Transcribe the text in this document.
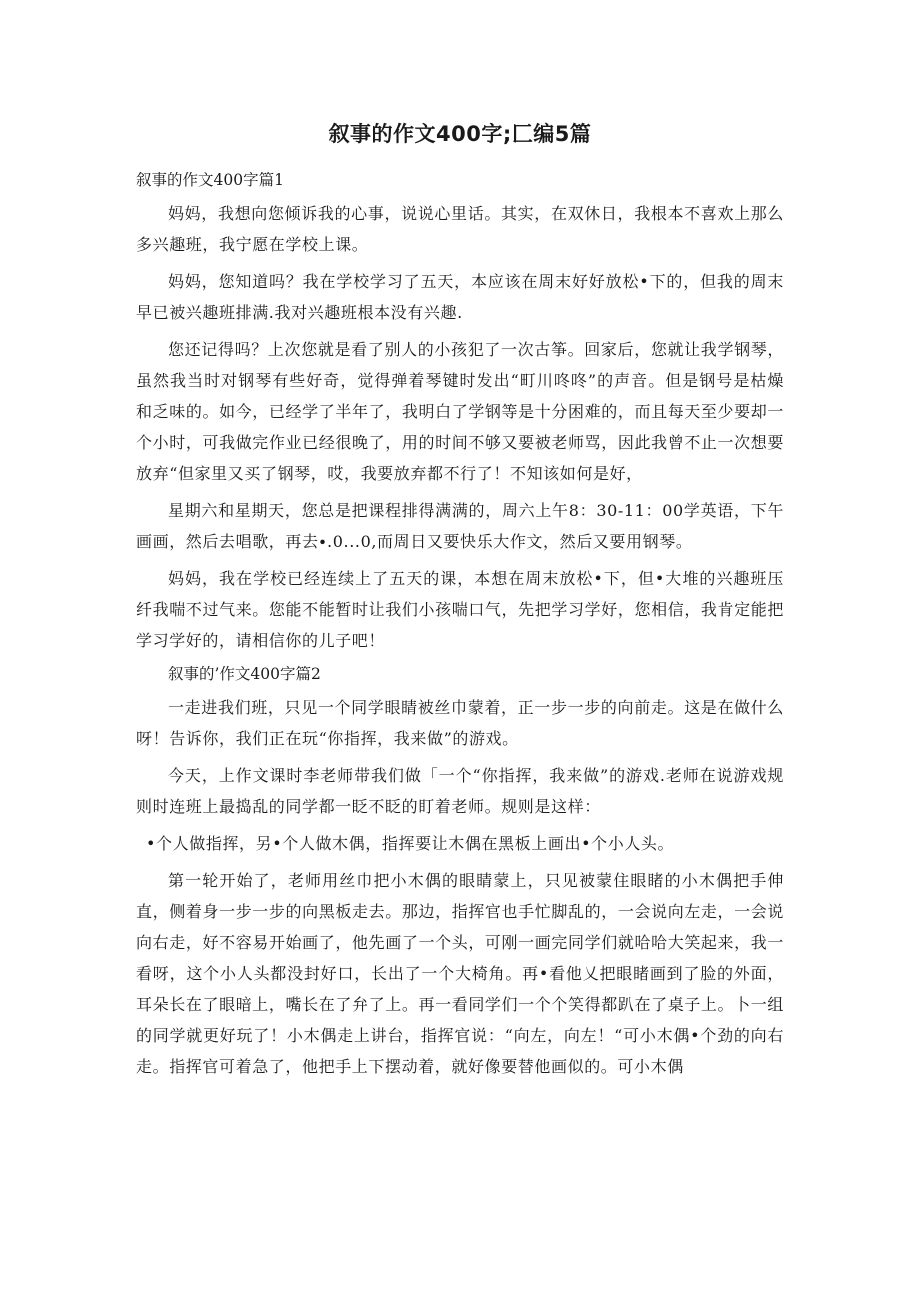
叙事的作文400字;匚编5篇
叙事的作文400字篇1

妈妈，我想向您倾诉我的心事，说说心里话。其实，在双休日，我根本不喜欢上那么多兴趣班，我宁愿在学校上课。

妈妈，您知道吗？我在学校学习了五天，本应该在周末好好放松•下的，但我的周末早已被兴趣班排满.我对兴趣班根本没有兴趣.

您还记得吗？上次您就是看了别人的小孩犯了一次古筝。回家后，您就让我学钢琴，虽然我当时对钢琴有些好奇，觉得弹着琴键时发出“町川咚咚”的声音。但是钢号是枯燥和乏味的。如今，已经学了半年了，我明白了学钢等是十分困难的，而且每天至少要却一个小时，可我做完作业已经很晚了，用的时间不够又要被老师骂，因此我曾不止一次想要放弃“但家里又买了钢琴，哎，我要放弃都不行了！不知该如何是好，

星期六和星期天，您总是把课程排得满满的，周六上午8：30-11：00学英语，下午画画，然后去唱歌，再去∙.0...0,而周日又要快乐大作文，然后又要用钢琴。

妈妈，我在学校已经连续上了五天的课，本想在周末放松•下，但•大堆的兴趣班压纤我喘不过气来。您能不能暂时让我们小孩喘口气，先把学习学好，您相信，我肯定能把学习学好的，请相信你的儿子吧！

叙事的’作文400字篇2

一走进我们班，只见一个同学眼睛被丝巾蒙着，正一步一步的向前走。这是在做什么呀！告诉你，我们正在玩“你指挥，我来做”的游戏。

今天，上作文课时李老师带我们做「一个“你指挥，我来做”的游戏.老师在说游戏规则时连班上最捣乱的同学都一眨不眨的盯着老师。规则是这样：

•个人做指挥，另•个人做木偶，指挥要让木偶在黑板上画出•个小人头。

第一轮开始了，老师用丝巾把小木偶的眼睛蒙上，只见被蒙住眼睹的小木偶把手伸直，侧着身一步一步的向黑板走去。那边，指挥官也手忙脚乱的，一会说向左走，一会说向右走，好不容易开始画了，他先画了一个头，可刚一画完同学们就哈哈大笑起来，我一看呀，这个小人头都没封好口，长出了一个大椅角。再•看他乂把眼睹画到了脸的外面，耳朵长在了眼暗上，嘴长在了弁了上。再一看同学们一个个笑得都趴在了桌子上。卜一组的同学就更好玩了！小木偶走上讲台，指挥官说：“向左，向左！“可小木偶•个劲的向右走。指挥官可着急了，他把手上下摆动着，就好像要替他画似的。可小木偶
